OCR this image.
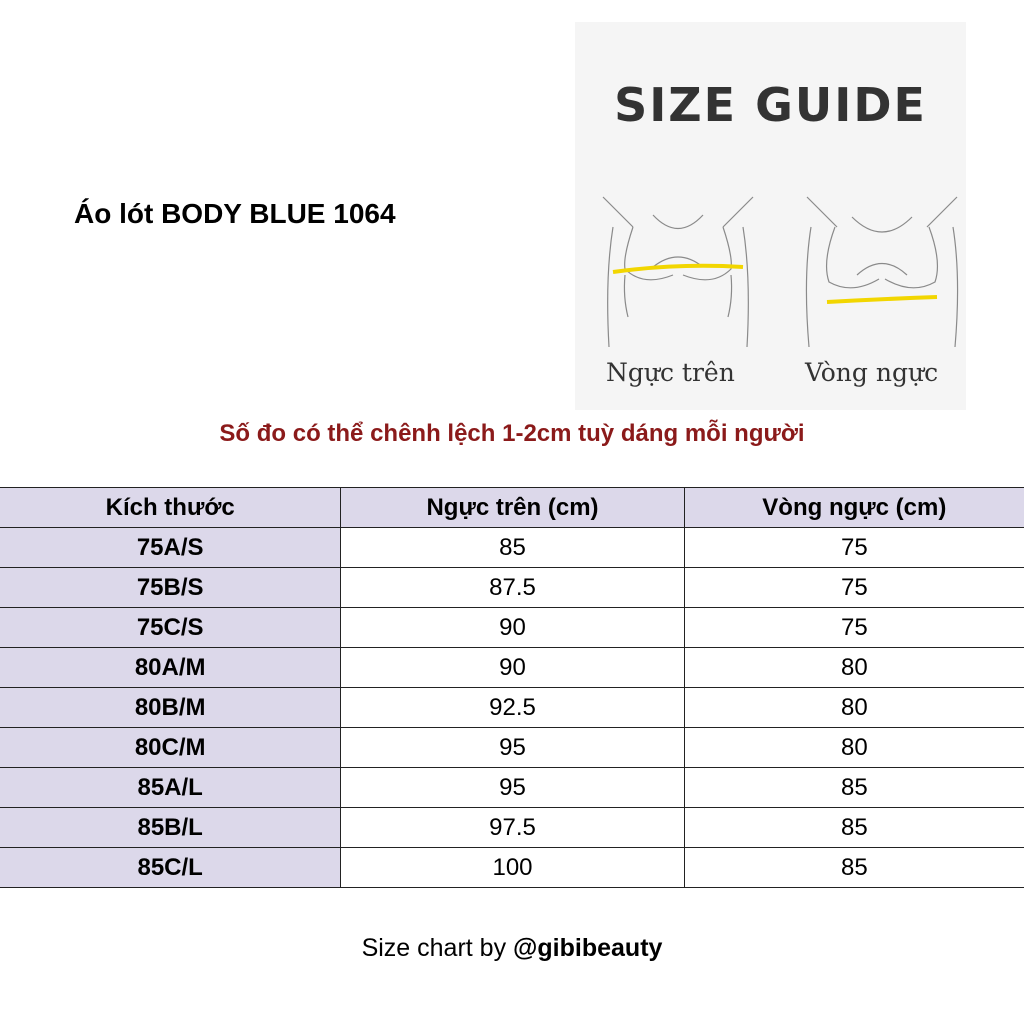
Áo lót BODY BLUE 1064
SIZE GUIDE
Ngực trên	Vòng ngực
Số đo có thể chênh lệch 1-2cm tuỳ dáng mỗi người
Kích thước	Ngực trên (cm)	Vòng ngực (cm)
75A/S	85	75
75B/S	87.5	75
75C/S	90	75
80A/M	90	80
80B/M	92.5	80
80C/M	95	80
85A/L	95	85
85B/L	97.5	85
85C/L	100	85
Size chart by @gibibeauty
